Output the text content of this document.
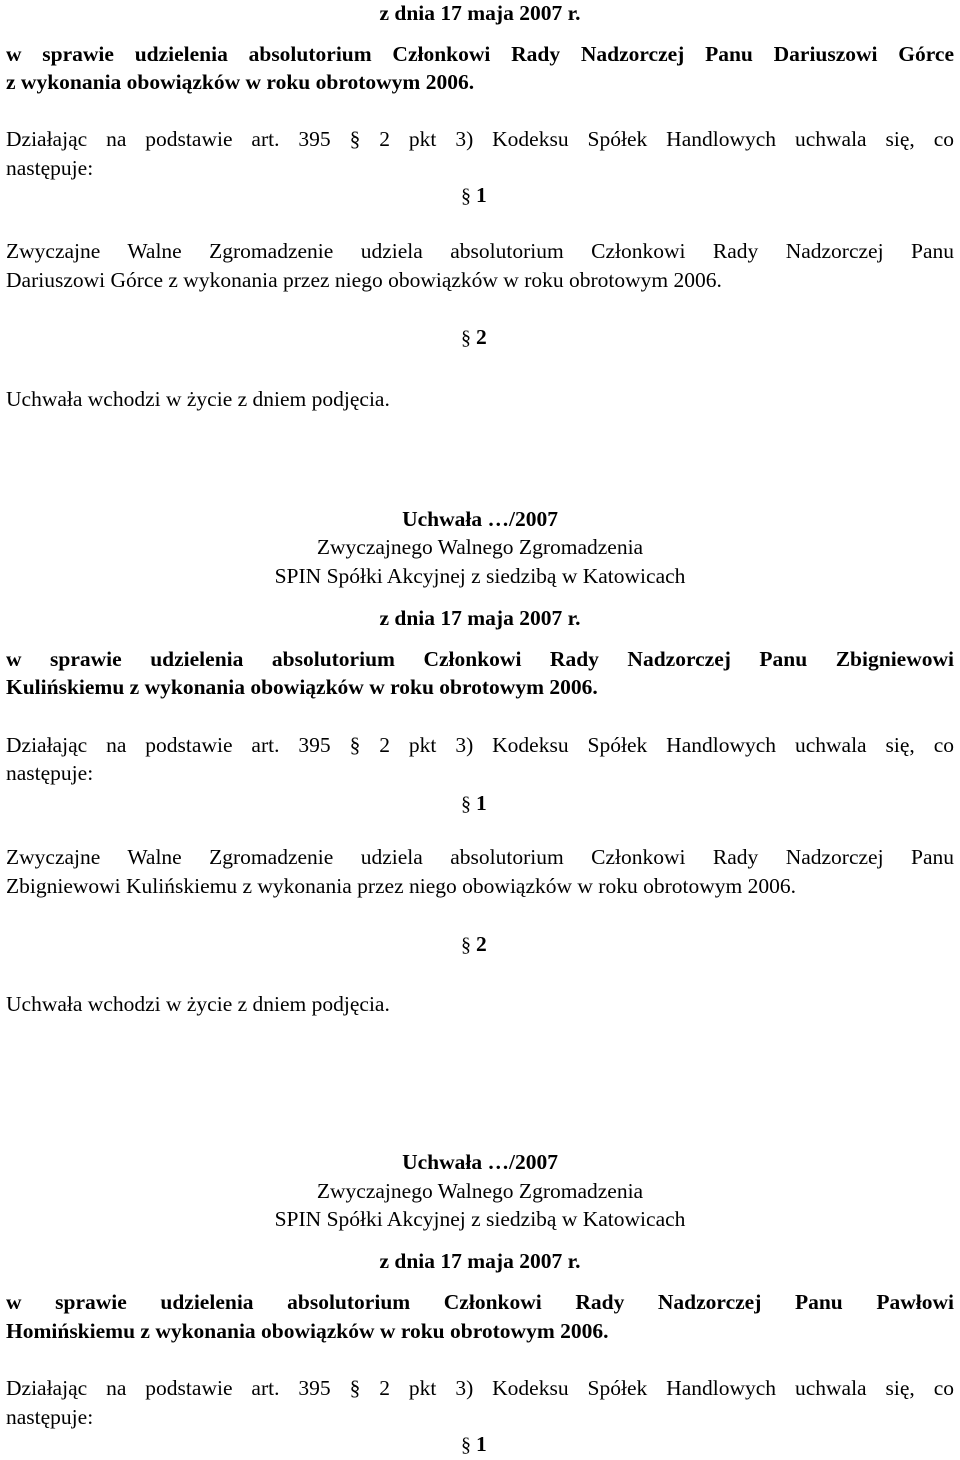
z dnia 17 maja 2007 r.
w sprawie udzielenia absolutorium Członkowi Rady Nadzorczej Panu Dariuszowi Górce
z wykonania obowiązków w roku obrotowym 2006.
Działając na podstawie art. 395 § 2 pkt 3) Kodeksu Spółek Handlowych uchwala się, co
następuje:
§ 1
Zwyczajne Walne Zgromadzenie udziela absolutorium Członkowi Rady Nadzorczej Panu
Dariuszowi Górce z wykonania przez niego obowiązków w roku obrotowym 2006.
§ 2
Uchwała wchodzi w życie z dniem podjęcia.
Uchwała …/2007
Zwyczajnego Walnego Zgromadzenia
SPIN Spółki Akcyjnej z siedzibą w Katowicach
z dnia 17 maja 2007 r.
w sprawie udzielenia absolutorium Członkowi Rady Nadzorczej Panu Zbigniewowi
Kulińskiemu z wykonania obowiązków w roku obrotowym 2006.
Działając na podstawie art. 395 § 2 pkt 3) Kodeksu Spółek Handlowych uchwala się, co
następuje:
§ 1
Zwyczajne Walne Zgromadzenie udziela absolutorium Członkowi Rady Nadzorczej Panu
Zbigniewowi Kulińskiemu z wykonania przez niego obowiązków w roku obrotowym 2006.
§ 2
Uchwała wchodzi w życie z dniem podjęcia.
Uchwała …/2007
Zwyczajnego Walnego Zgromadzenia
SPIN Spółki Akcyjnej z siedzibą w Katowicach
z dnia 17 maja 2007 r.
w sprawie udzielenia absolutorium Członkowi Rady Nadzorczej Panu Pawłowi
Homińskiemu z wykonania obowiązków w roku obrotowym 2006.
Działając na podstawie art. 395 § 2 pkt 3) Kodeksu Spółek Handlowych uchwala się, co
następuje:
§ 1
